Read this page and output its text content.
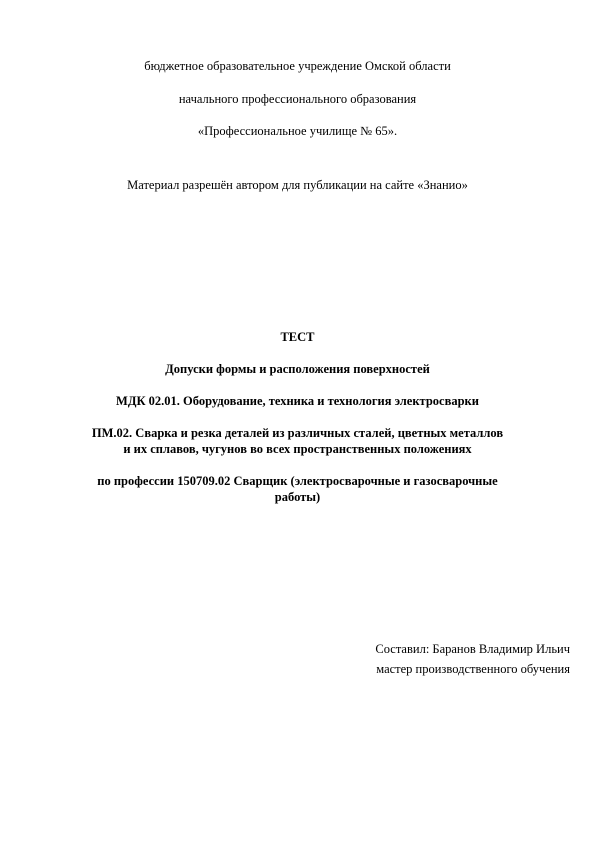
бюджетное образовательное учреждение Омской области
начального профессионального образования
«Профессиональное училище № 65».
Материал разрешён автором для публикации на сайте «Знанио»
ТЕСТ
Допуски формы и расположения поверхностей
МДК 02.01. Оборудование, техника и технология электросварки
ПМ.02. Сварка и резка деталей из различных сталей, цветных металлов
и их сплавов, чугунов во всех пространственных положениях
по профессии 150709.02 Сварщик (электросварочные и газосварочные работы)
Составил: Баранов Владимир Ильич
мастер производственного обучения
